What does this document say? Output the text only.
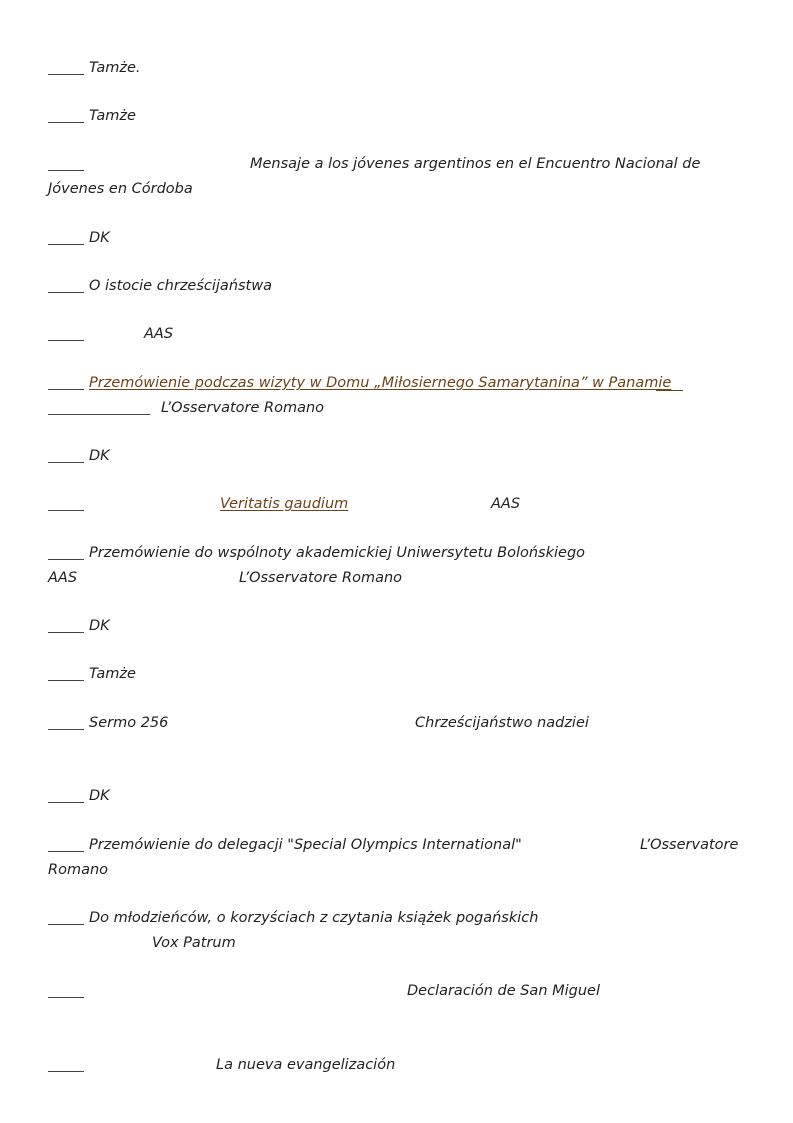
Tamże.
Tamże
Mensaje a los jóvenes argentinos en el Encuentro Nacional de
Jóvenes en Córdoba
DK
O istocie chrześcijaństwa
AAS
Przemówienie podczas wizyty w Domu „Miłosiernego Samarytanina” w Panamie
L’Osservatore Romano
DK
Veritatis gaudium	AAS
Przemówienie do wspólnoty akademickiej Uniwersytetu Bolońskiego
AAS	L’Osservatore Romano
DK
Tamże
Sermo 256	Chrześcijaństwo nadziei
DK
Przemówienie do delegacji "Special Olympics International"	L’Osservatore
Romano
Do młodzieńców, o korzyściach z czytania książek pogańskich
Vox Patrum
Declaración de San Miguel
La nueva evangelización
